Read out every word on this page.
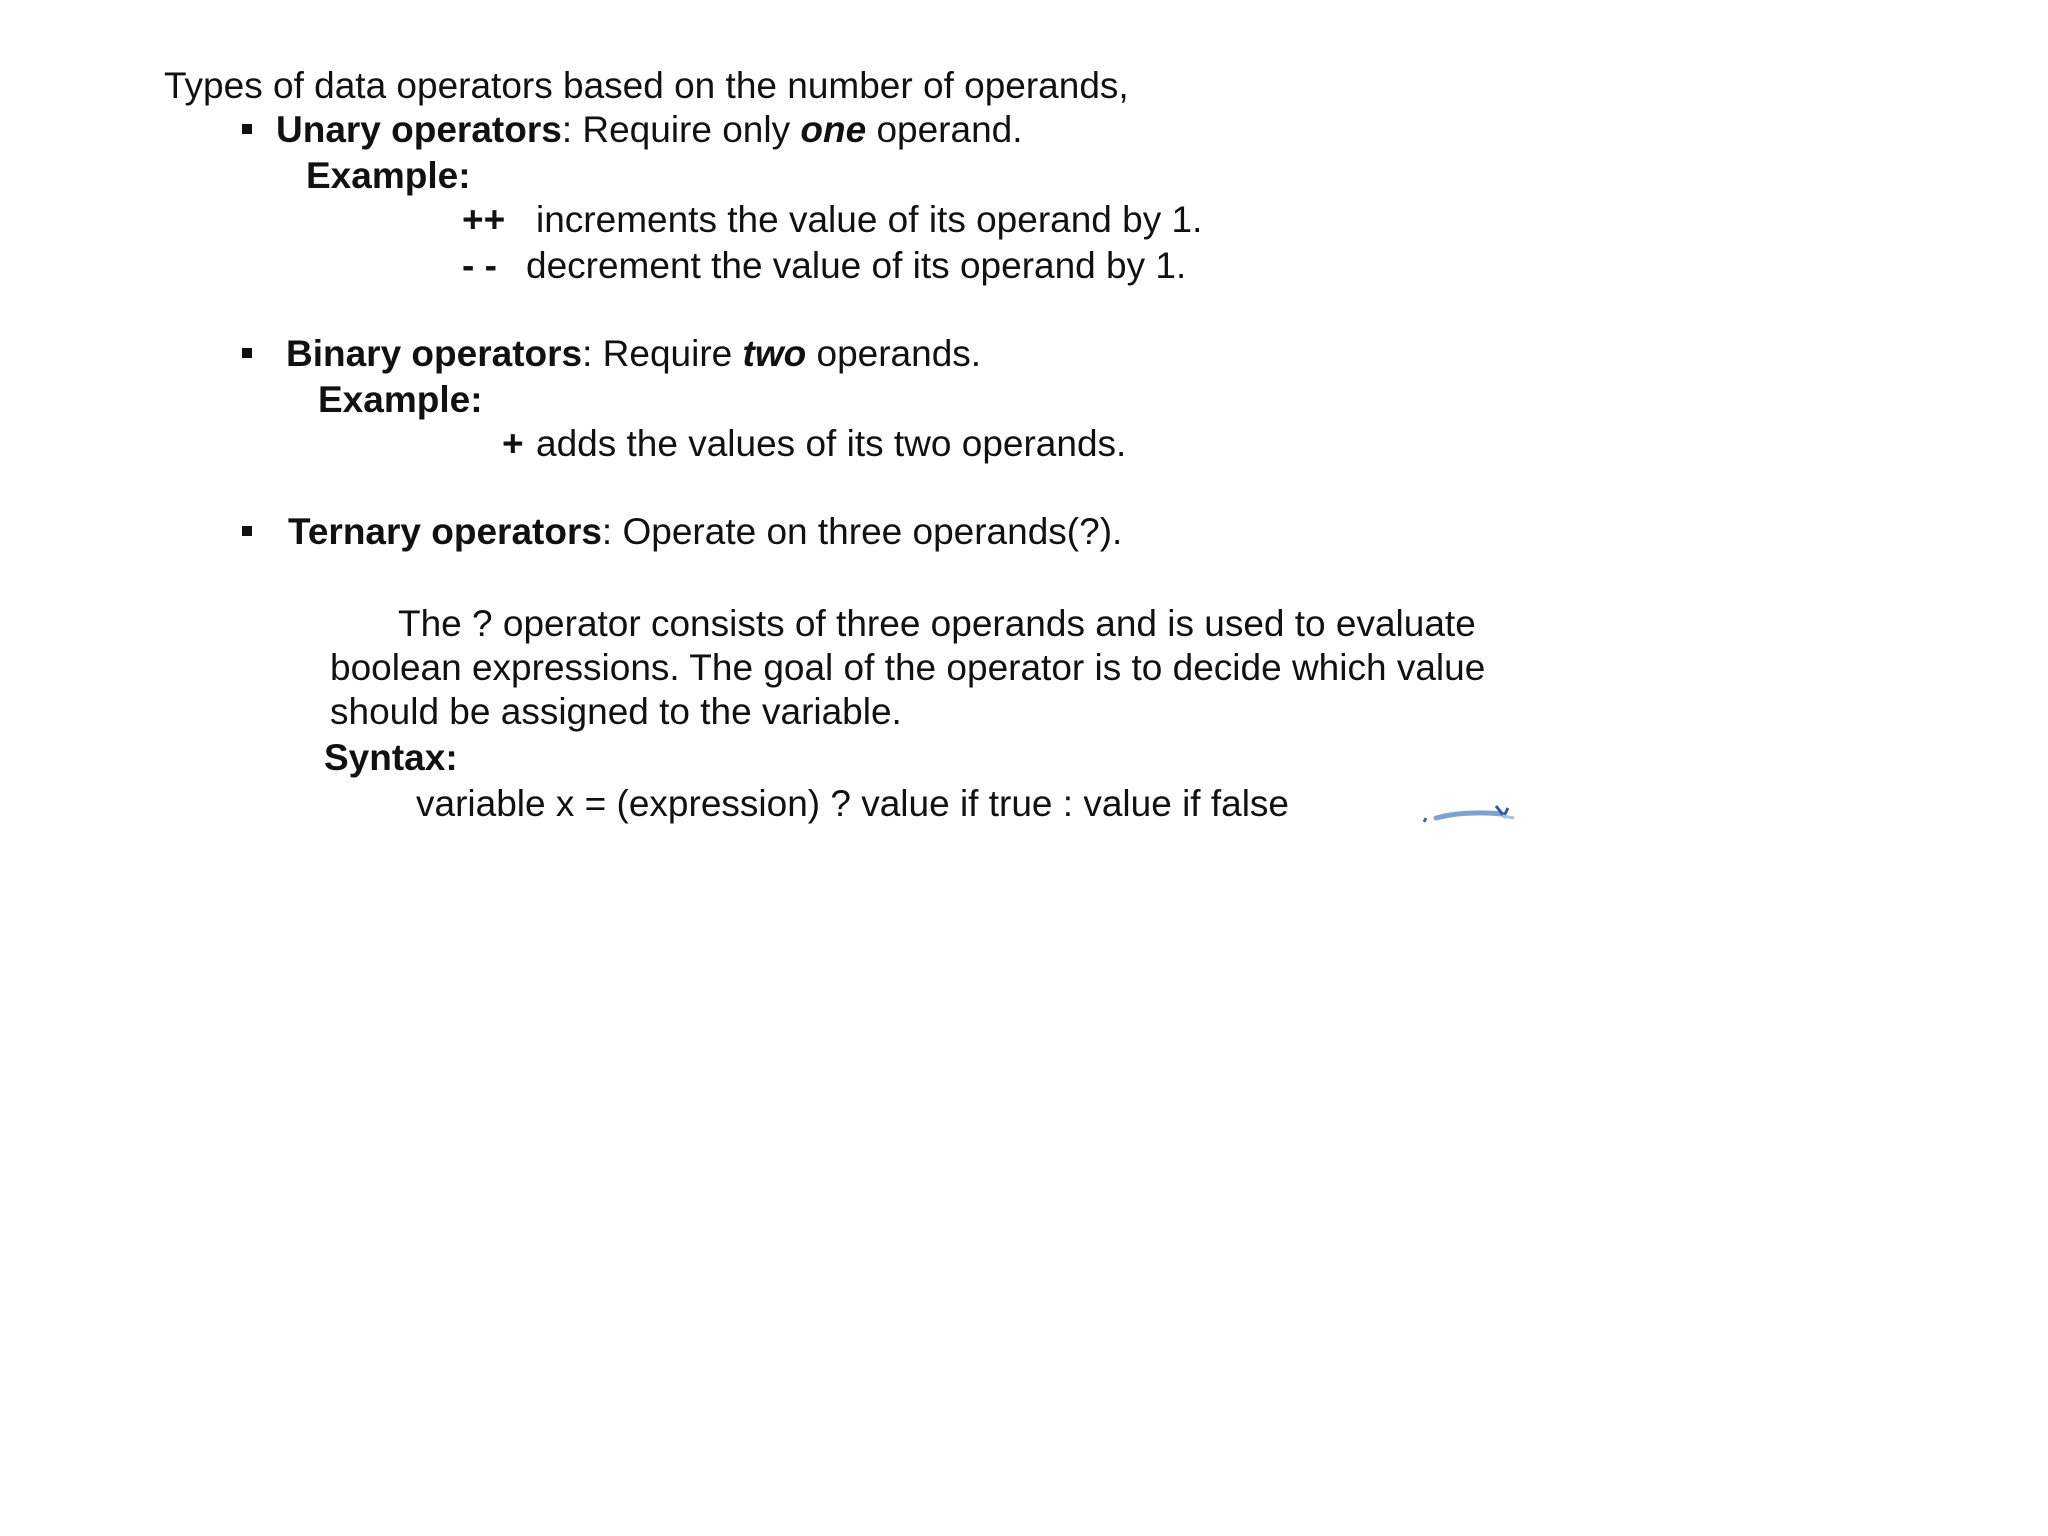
Types of data operators based on the number of operands,
Unary operators: Require only one operand.
Example:
++ increments the value of its operand by 1.
- - decrement the value of its operand by 1.
Binary operators: Require two operands.
Example:
+ adds the values of its two operands.
Ternary operators: Operate on three operands(?).
The ? operator consists of three operands and is used to evaluate
boolean expressions. The goal of the operator is to decide which value
should be assigned to the variable.
Syntax:
variable x = (expression) ? value if true : value if false
